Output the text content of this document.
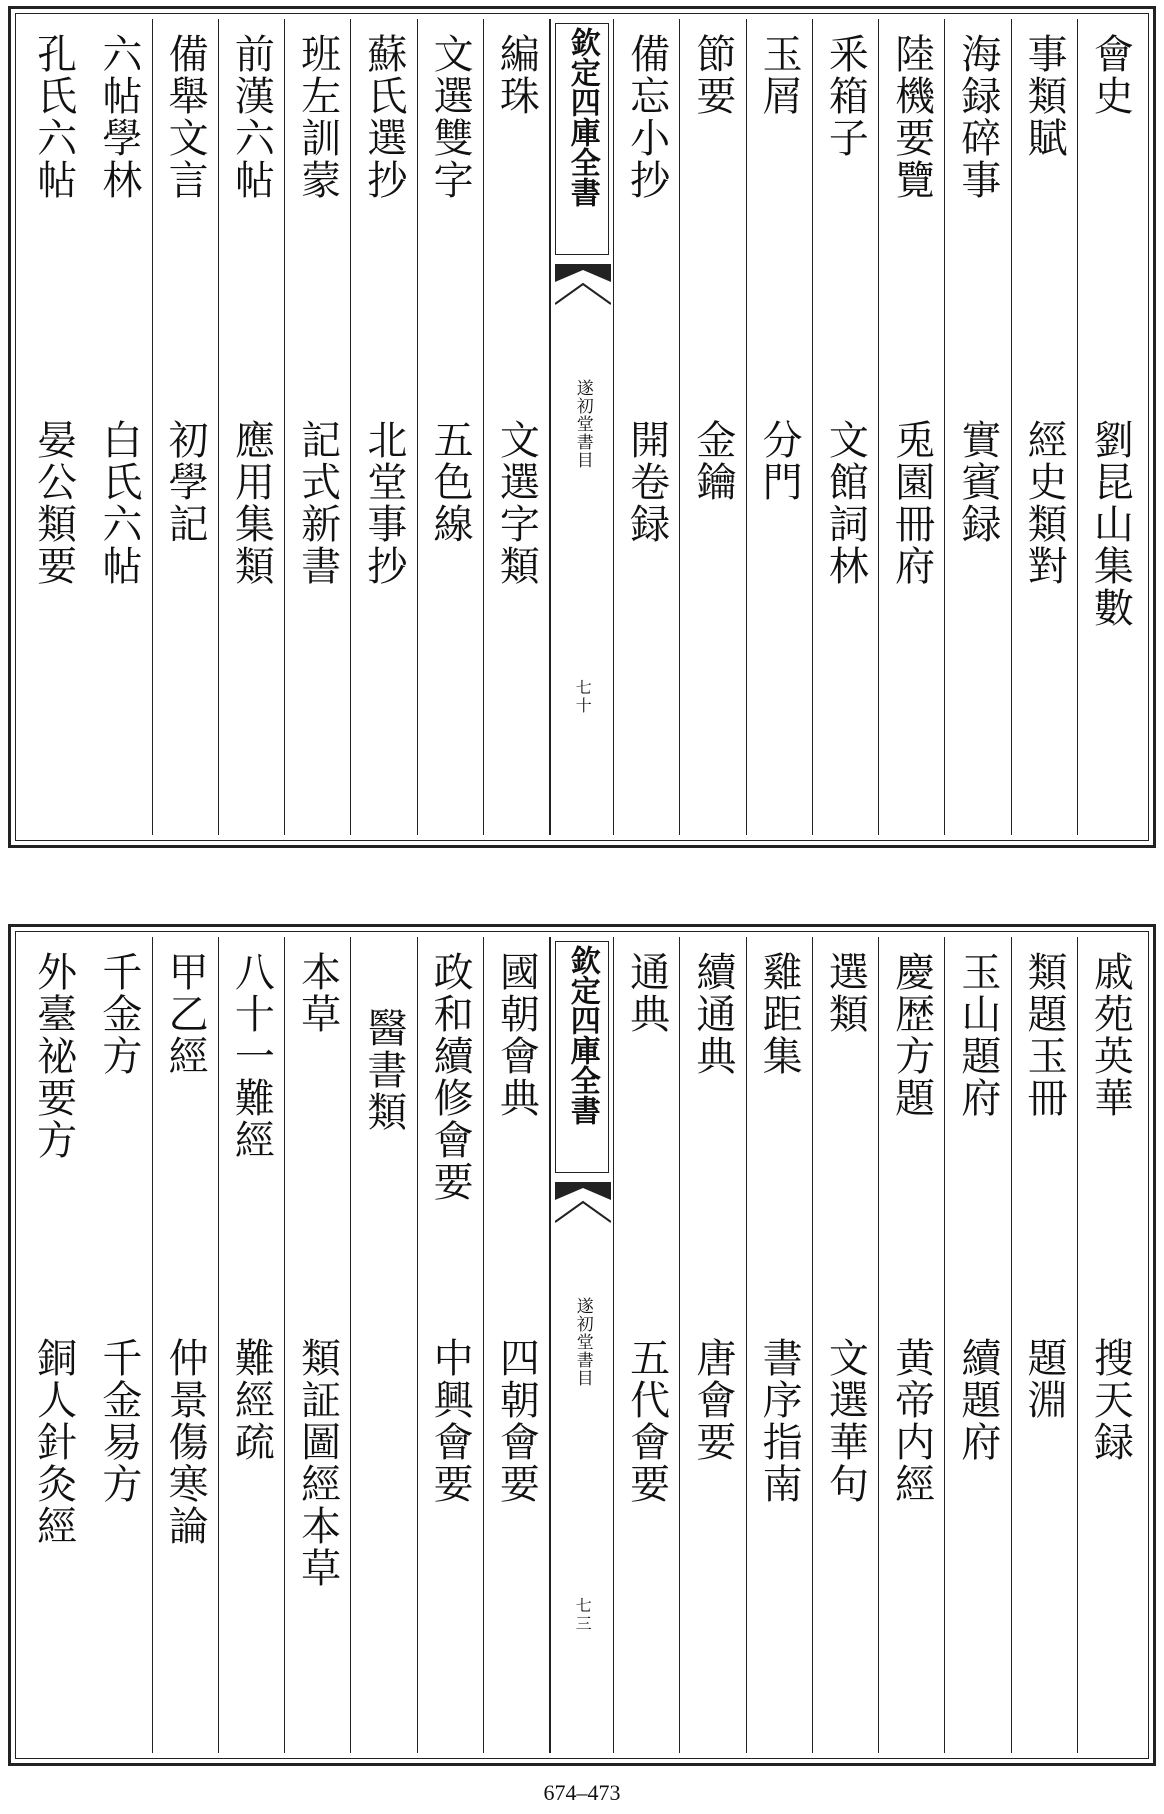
會史
劉昆山集數
事類賦
經史類對
海録碎事
實賓録
陸機要覽
兎園冊府
釆箱子
文館詞林
玉屑
分門
節要
金鑰
備忘小抄
開卷録
欽定四庫全書
遂初堂書目
七十
編珠
文選字類
文選雙字
五色線
蘇氏選抄
北堂事抄
班左訓蒙
記式新書
前漢六帖
應用集類
備舉文言
初學記
六帖學林
白氏六帖
孔氏六帖
晏公類要
戚苑英華
搜天録
類題玉冊
題淵
玉山題府
續題府
慶歴方題
黄帝内經
選類
文選華句
雞距集
書序指南
續通典
唐會要
通典
五代會要
欽定四庫全書
遂初堂書目
七三
國朝會典
四朝會要
政和續修會要
中興會要
醫書類
本草
類証圖經本草
八十一難經
難經疏
甲乙經
仲景傷寒論
千金方
千金易方
外臺祕要方
銅人針灸經
674–473
